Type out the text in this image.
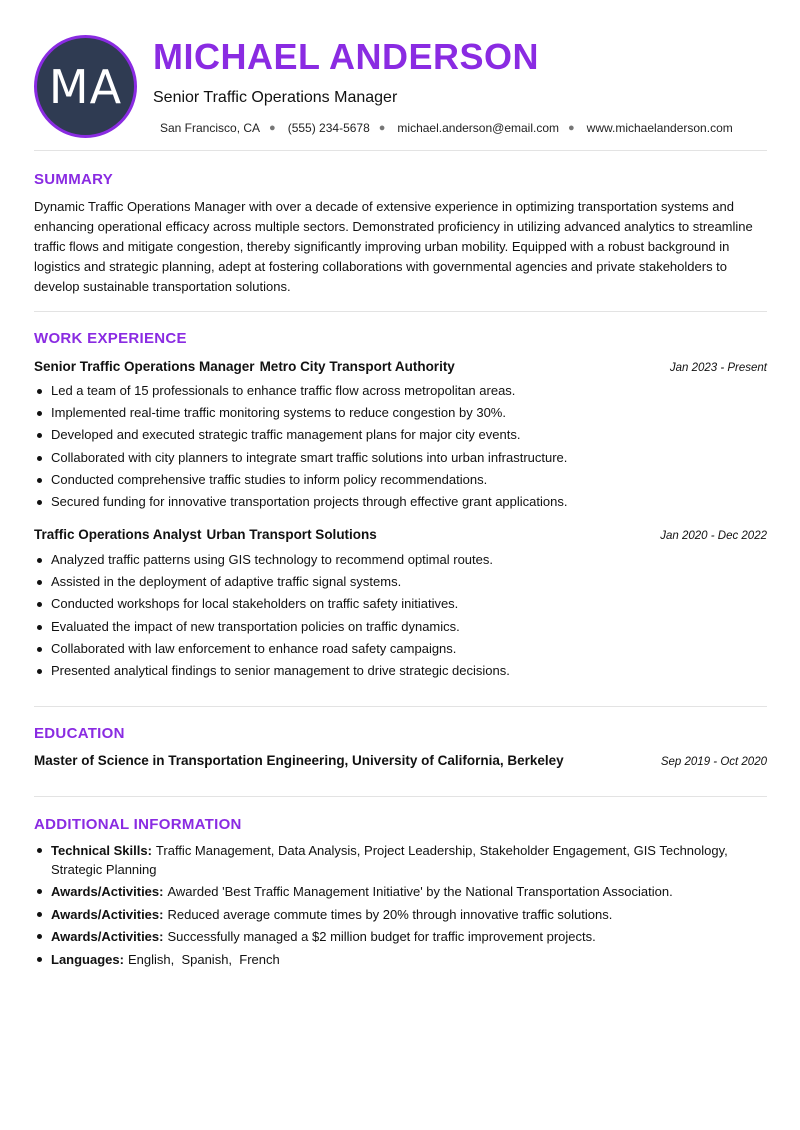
MA
MICHAEL ANDERSON
Senior Traffic Operations Manager
San Francisco, CA ● (555) 234-5678 ● michael.anderson@email.com ● www.michaelanderson.com
SUMMARY

Dynamic Traffic Operations Manager with over a decade of extensive experience in optimizing transportation systems and enhancing operational efficacy across multiple sectors. Demonstrated proficiency in utilizing advanced analytics to streamline traffic flows and mitigate congestion, thereby significantly improving urban mobility. Equipped with a robust background in logistics and strategic planning, adept at fostering collaborations with governmental agencies and private stakeholders to develop sustainable transportation solutions.

WORK EXPERIENCE
Senior Traffic Operations Manager Metro City Transport Authority	Jan 2023 - Present
Led a team of 15 professionals to enhance traffic flow across metropolitan areas.
Implemented real-time traffic monitoring systems to reduce congestion by 30%.
Developed and executed strategic traffic management plans for major city events.
Collaborated with city planners to integrate smart traffic solutions into urban infrastructure.
Conducted comprehensive traffic studies to inform policy recommendations.
Secured funding for innovative transportation projects through effective grant applications.
Traffic Operations Analyst Urban Transport Solutions	Jan 2020 - Dec 2022
Analyzed traffic patterns using GIS technology to recommend optimal routes.
Assisted in the deployment of adaptive traffic signal systems.
Conducted workshops for local stakeholders on traffic safety initiatives.
Evaluated the impact of new transportation policies on traffic dynamics.
Collaborated with law enforcement to enhance road safety campaigns.
Presented analytical findings to senior management to drive strategic decisions.
EDUCATION
Master of Science in Transportation Engineering, University of California, Berkeley	Sep 2019 - Oct 2020
ADDITIONAL INFORMATION
Technical Skills: Traffic Management, Data Analysis, Project Leadership, Stakeholder Engagement, GIS Technology, Strategic Planning
Awards/Activities: Awarded 'Best Traffic Management Initiative' by the National Transportation Association.
Awards/Activities: Reduced average commute times by 20% through innovative traffic solutions.
Awards/Activities: Successfully managed a $2 million budget for traffic improvement projects.
Languages: English,  Spanish,  French
